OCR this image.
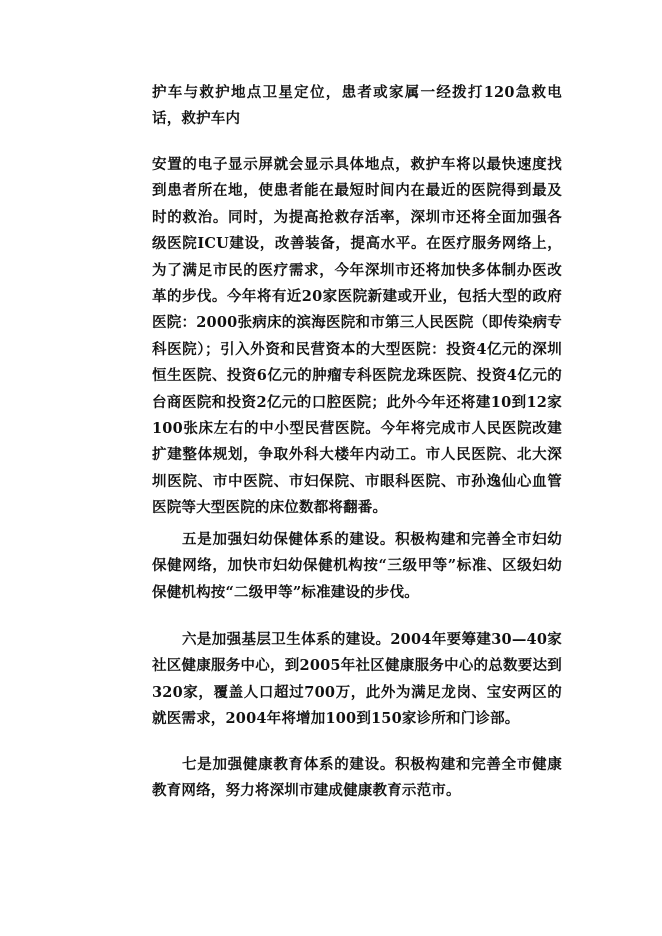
护车与救护地点卫星定位，患者或家属一经拨打120急救电话，救护车内

安置的电子显示屏就会显示具体地点，救护车将以最快速度找到患者所在地，使患者能在最短时间内在最近的医院得到最及时的救治。同时，为提高抢救存活率，深圳市还将全面加强各级医院ICU建设，改善装备，提高水平。在医疗服务网络上，为了满足市民的医疗需求，今年深圳市还将加快多体制办医改革的步伐。今年将有近20家医院新建或开业，包括大型的政府医院：2000张病床的滨海医院和市第三人民医院（即传染病专科医院）；引入外资和民营资本的大型医院：投资4亿元的深圳恒生医院、投资6亿元的肿瘤专科医院龙珠医院、投资4亿元的台商医院和投资2亿元的口腔医院；此外今年还将建10到12家100张床左右的中小型民营医院。今年将完成市人民医院改建扩建整体规划，争取外科大楼年内动工。市人民医院、北大深圳医院、市中医院、市妇保院、市眼科医院、市孙逸仙心血管医院等大型医院的床位数都将翻番。

五是加强妇幼保健体系的建设。积极构建和完善全市妇幼保健网络，加快市妇幼保健机构按“三级甲等”标准、区级妇幼保健机构按“二级甲等”标准建设的步伐。

六是加强基层卫生体系的建设。2004年要筹建30—40家社区健康服务中心，到2005年社区健康服务中心的总数要达到320家，覆盖人口超过700万，此外为满足龙岗、宝安两区的就医需求，2004年将增加100到150家诊所和门诊部。

七是加强健康教育体系的建设。积极构建和完善全市健康教育网络，努力将深圳市建成健康教育示范市。
